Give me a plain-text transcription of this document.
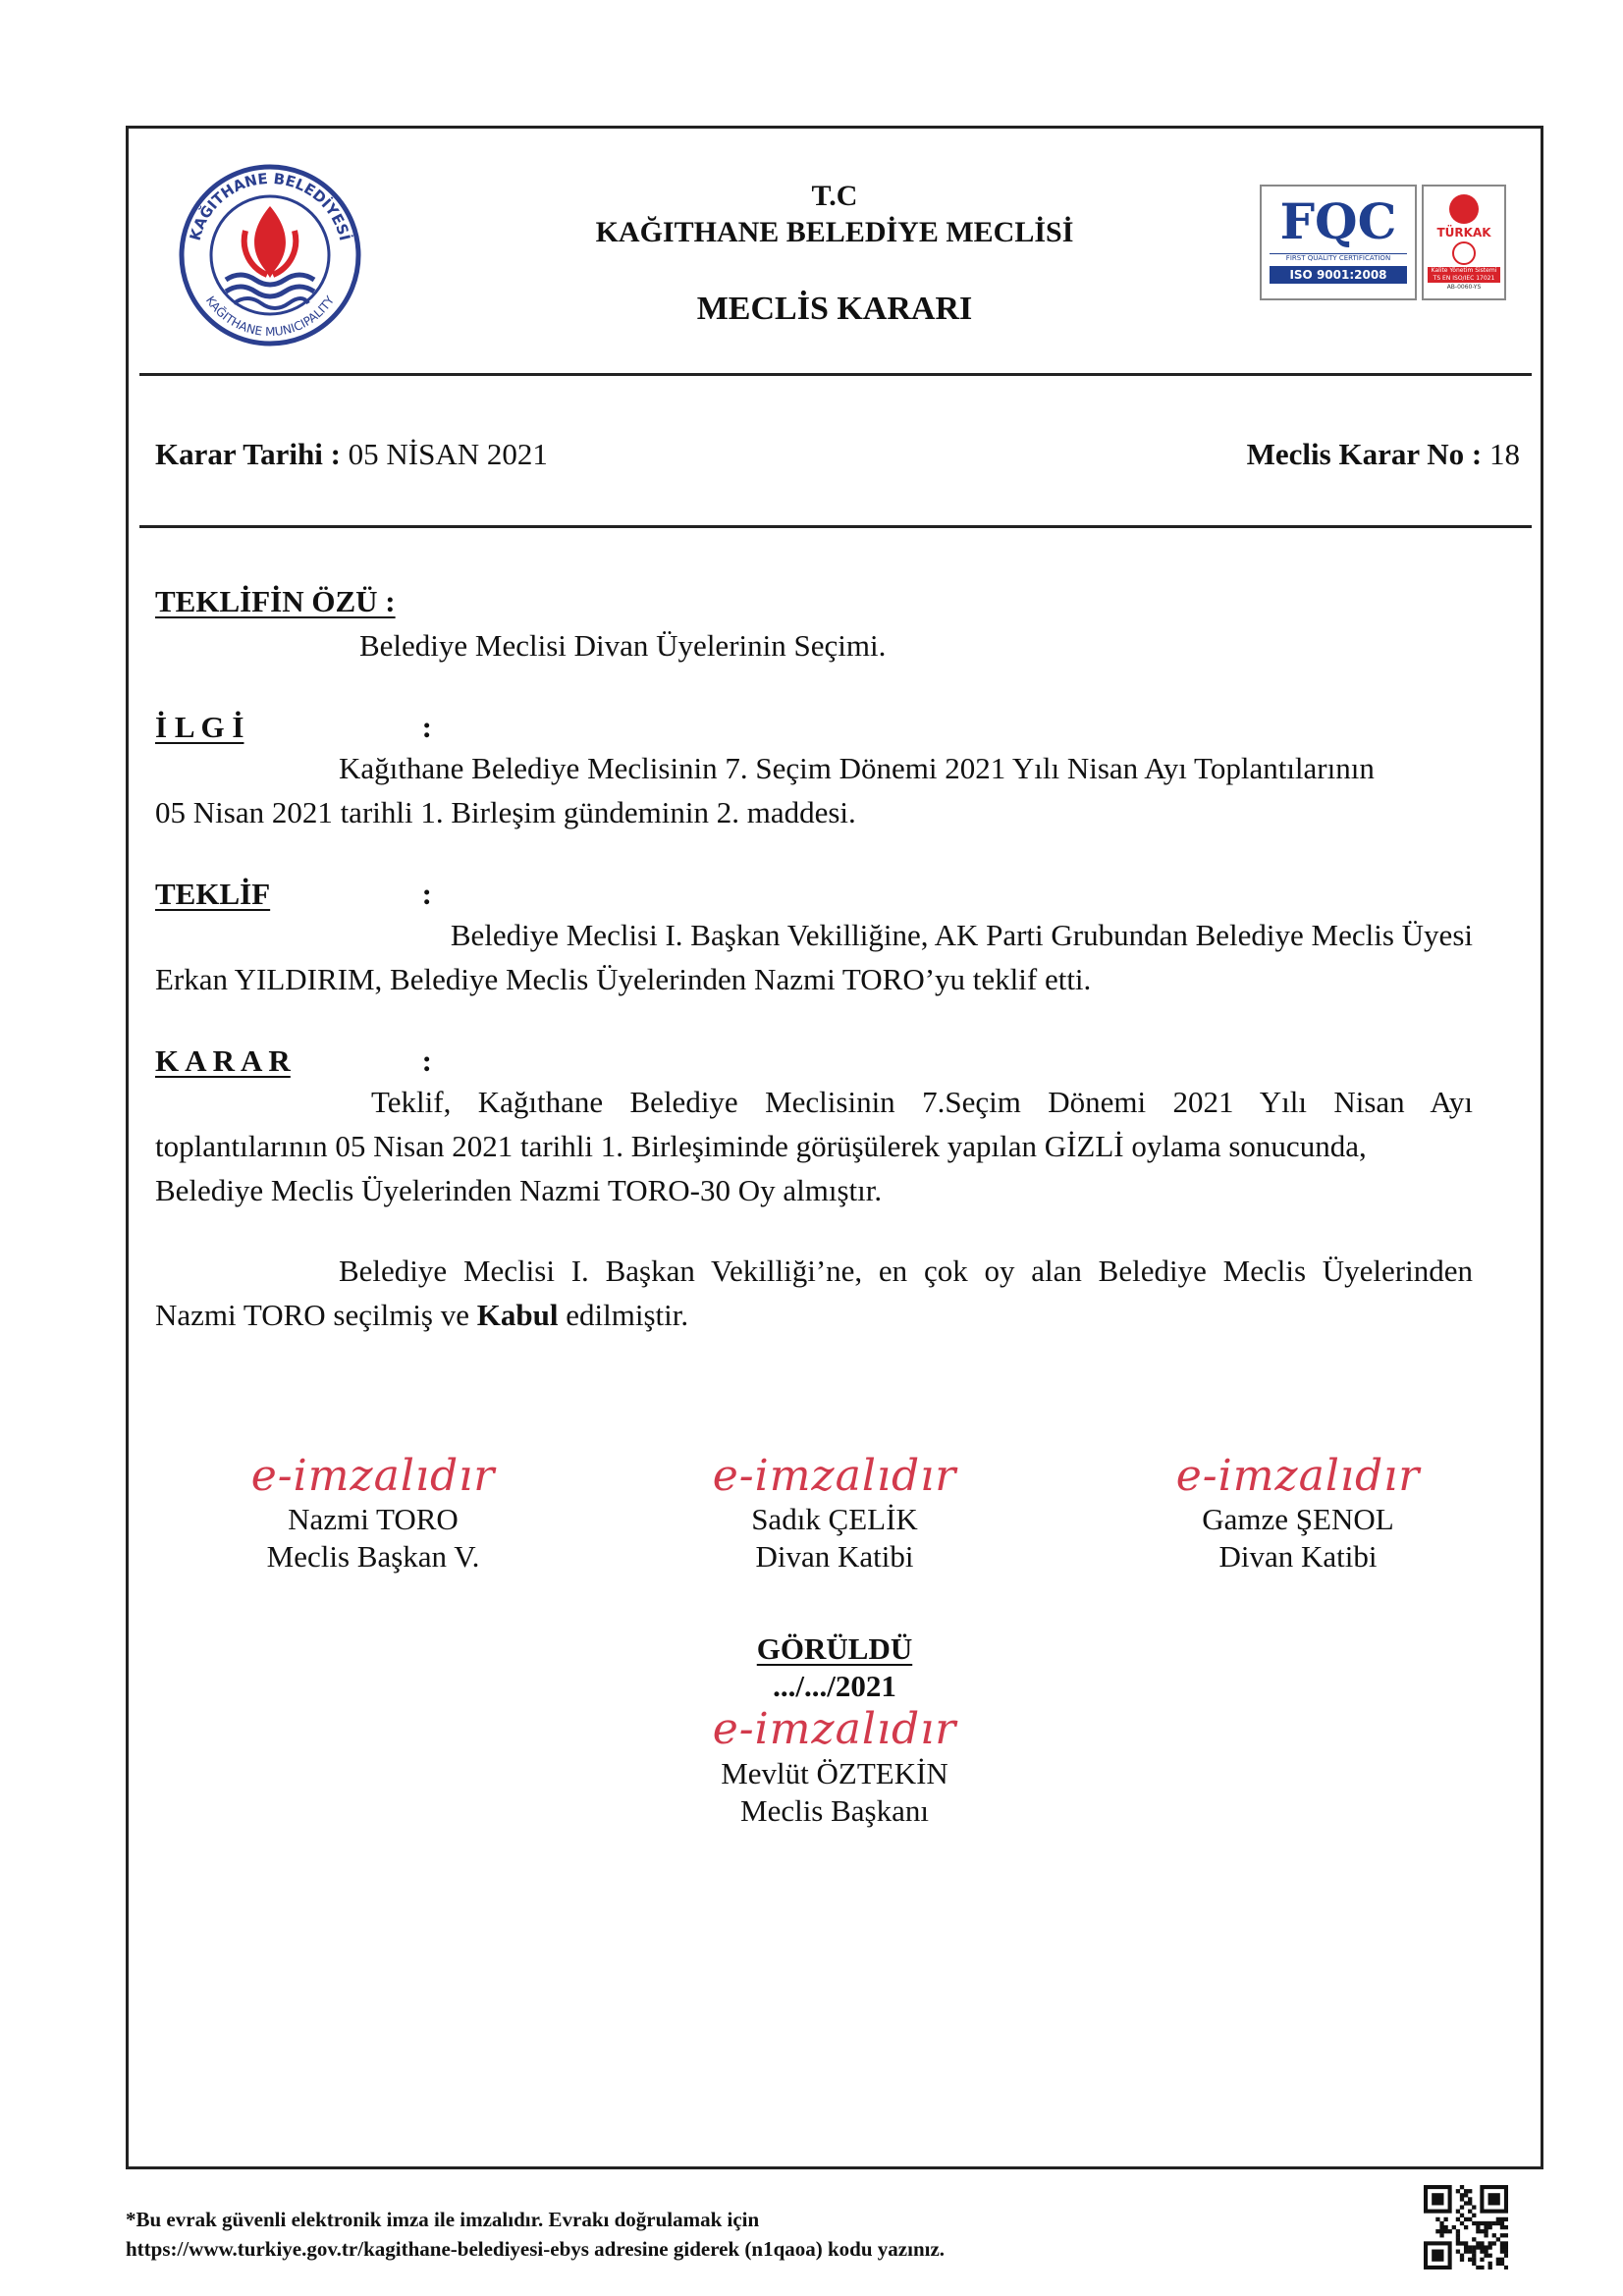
KAĞITHANE BELEDİYESİ
KAĞITHANE MUNICIPALITY
T.C
KAĞITHANE BELEDİYE MECLİSİ
MECLİS KARARI
FQC
FIRST QUALITY CERTIFICATION
ISO 9001:2008
TÜRKAK
Kalite Yönetim Sistemi
TS EN ISO/IEC 17021
AB-0060-YS
Karar Tarihi : 05 NİSAN 2021	Meclis Karar No : 18
TEKLİFİN ÖZÜ :
Belediye Meclisi Divan Üyelerinin Seçimi.
İ L G İ	:
Kağıthane Belediye Meclisinin 7. Seçim Dönemi 2021 Yılı Nisan Ayı Toplantılarının
05 Nisan 2021 tarihli 1. Birleşim gündeminin 2. maddesi.
TEKLİF	:
Belediye Meclisi I. Başkan Vekilliğine, AK Parti Grubundan Belediye Meclis Üyesi
Erkan YILDIRIM, Belediye Meclis Üyelerinden Nazmi TORO’yu teklif etti.
K A R A R	:
Teklif, Kağıthane Belediye Meclisinin 7.Seçim Dönemi 2021 Yılı Nisan Ayı
toplantılarının 05 Nisan 2021 tarihli 1. Birleşiminde görüşülerek yapılan GİZLİ oylama sonucunda,
Belediye Meclis Üyelerinden Nazmi TORO-30 Oy almıştır.
Belediye Meclisi I. Başkan Vekilliği’ne, en çok oy alan Belediye Meclis Üyelerinden
Nazmi TORO seçilmiş ve Kabul edilmiştir.
e-imzalıdır
Nazmi TORO
Meclis Başkan V.
e-imzalıdır
Sadık ÇELİK
Divan Katibi
e-imzalıdır
Gamze ŞENOL
Divan Katibi
GÖRÜLDÜ
.../.../2021
e-imzalıdır
Mevlüt ÖZTEKİN
Meclis Başkanı
*Bu evrak güvenli elektronik imza ile imzalıdır. Evrakı doğrulamak için
https://www.turkiye.gov.tr/kagithane-belediyesi-ebys adresine giderek (n1qaoa) kodu yazınız.
